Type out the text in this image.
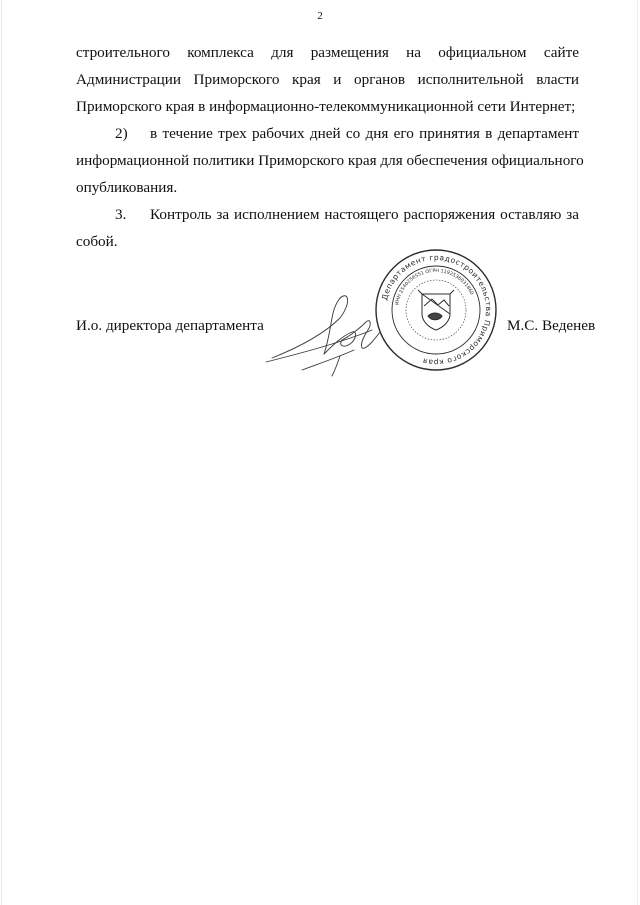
2
строительного комплекса для размещения на официальном сайте
Администрации Приморского края и органов исполнительной власти
Приморского края в информационно-телекоммуникационной сети Интернет;
2) в течение трех рабочих дней со дня его принятия в департамент
информационной политики Приморского края для обеспечения официального
опубликования.
3. Контроль за исполнением настоящего распоряжения оставляю за
собой.
И.о. директора департамента	М.С. Веденев
Департамент градостроительства Приморского края
ИНН 2540256551 ОГРН 1192536031860
